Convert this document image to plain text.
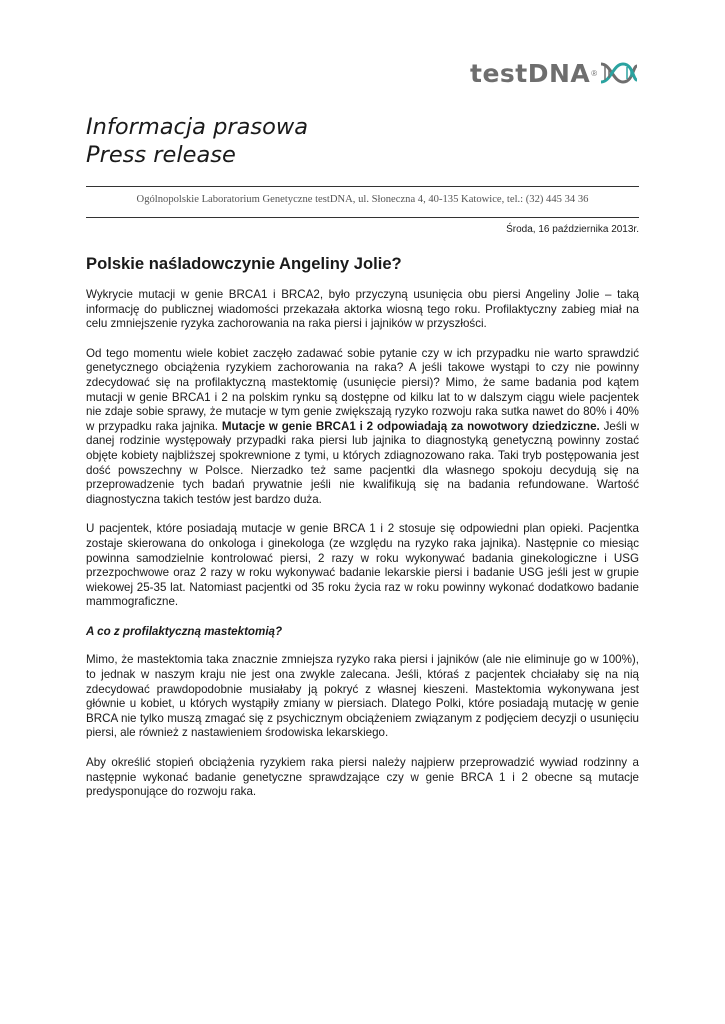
testDNA ®
Informacja prasowa
Press release
Ogólnopolskie Laboratorium Genetyczne testDNA, ul. Słoneczna 4, 40-135 Katowice, tel.: (32) 445 34 36
Środa, 16 października 2013r.
Polskie naśladowczynie Angeliny Jolie?

Wykrycie mutacji w genie BRCA1 i BRCA2, było przyczyną usunięcia obu piersi Angeliny Jolie – taką informację do publicznej wiadomości przekazała aktorka wiosną tego roku. Profilaktyczny zabieg miał na celu zmniejszenie ryzyka zachorowania na raka piersi i jajników w przyszłości.

Od tego momentu wiele kobiet zaczęło zadawać sobie pytanie czy w ich przypadku nie warto sprawdzić genetycznego obciążenia ryzykiem zachorowania na raka? A jeśli takowe wystąpi to czy nie powinny zdecydować się na profilaktyczną mastektomię (usunięcie piersi)? Mimo, że same badania pod kątem mutacji w genie BRCA1 i 2 na polskim rynku są dostępne od kilku lat to w dalszym ciągu wiele pacjentek nie zdaje sobie sprawy, że mutacje w tym genie zwiększają ryzyko rozwoju raka sutka nawet do 80% i 40% w przypadku raka jajnika. Mutacje w genie BRCA1 i 2 odpowiadają za nowotwory dziedziczne. Jeśli w danej rodzinie występowały przypadki raka piersi lub jajnika to diagnostyką genetyczną powinny zostać objęte kobiety najbliższej spokrewnione z tymi, u których zdiagnozowano raka. Taki tryb postępowania jest dość powszechny w Polsce. Nierzadko też same pacjentki dla własnego spokoju decydują się na przeprowadzenie tych badań prywatnie jeśli nie kwalifikują się na badania refundowane. Wartość diagnostyczna takich testów jest bardzo duża.

U pacjentek, które posiadają mutacje w genie BRCA 1 i 2 stosuje się odpowiedni plan opieki. Pacjentka zostaje skierowana do onkologa i ginekologa (ze względu na ryzyko raka jajnika). Następnie co miesiąc powinna samodzielnie kontrolować piersi, 2 razy w roku wykonywać badania ginekologiczne i USG przezpochwowe oraz 2 razy w roku wykonywać badanie lekarskie piersi i badanie USG jeśli jest w grupie wiekowej 25-35 lat. Natomiast pacjentki od 35 roku życia raz w roku powinny wykonać dodatkowo badanie mammograficzne.

A co z profilaktyczną mastektomią?

Mimo, że mastektomia taka znacznie zmniejsza ryzyko raka piersi i jajników (ale nie eliminuje go w 100%), to jednak w naszym kraju nie jest ona zwykle zalecana. Jeśli, któraś z pacjentek chciałaby się na nią zdecydować prawdopodobnie musiałaby ją pokryć z własnej kieszeni. Mastektomia wykonywana jest głównie u kobiet, u których wystąpiły zmiany w piersiach. Dlatego Polki, które posiadają mutację w genie BRCA nie tylko muszą zmagać się z psychicznym obciążeniem związanym z podjęciem decyzji o usunięciu piersi, ale również z nastawieniem środowiska lekarskiego.

Aby określić stopień obciążenia ryzykiem raka piersi należy najpierw przeprowadzić wywiad rodzinny a następnie wykonać badanie genetyczne sprawdzające czy w genie BRCA 1 i 2 obecne są mutacje predysponujące do rozwoju raka.
